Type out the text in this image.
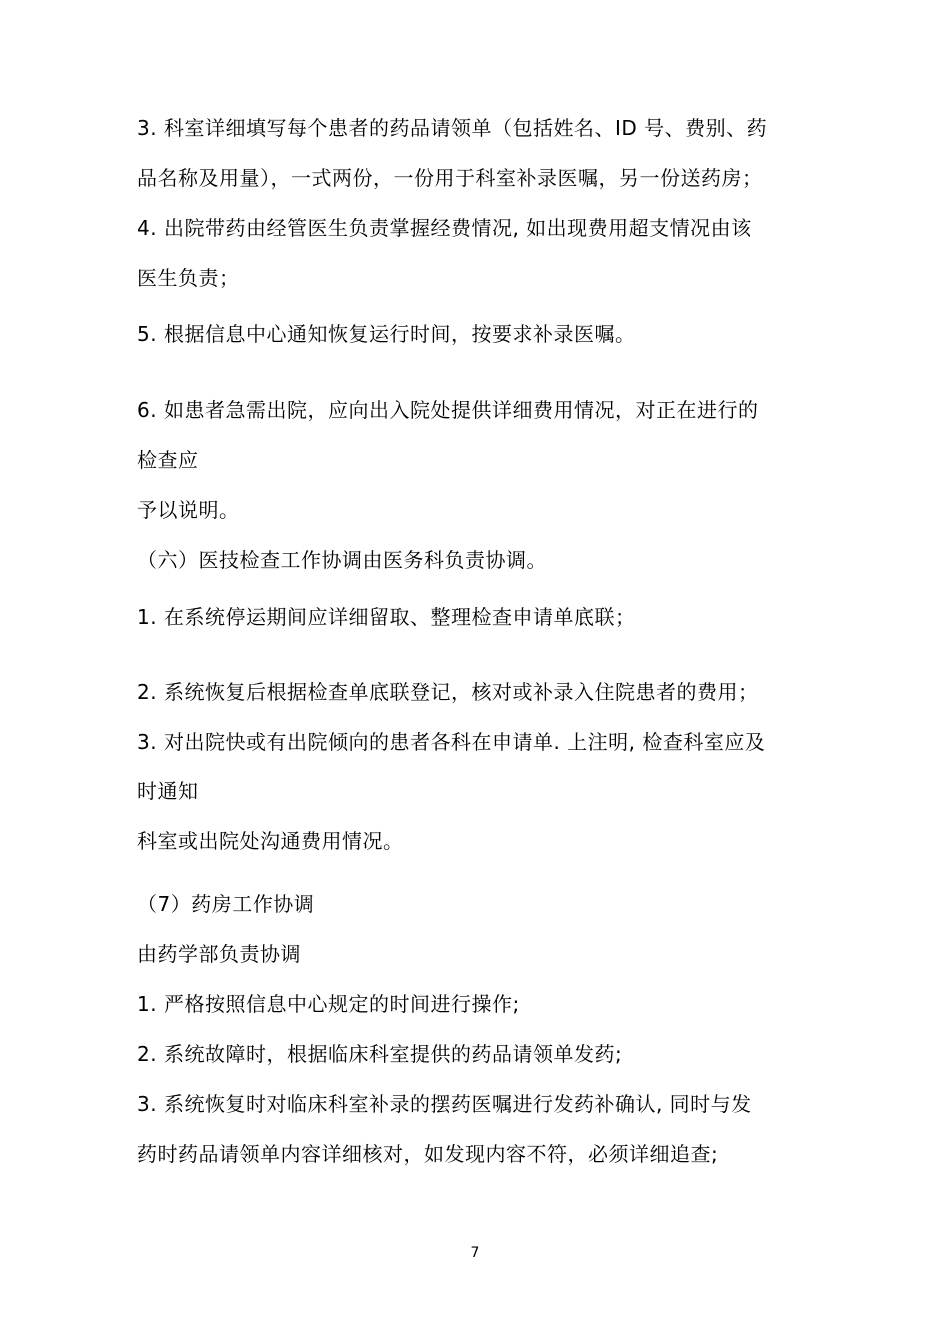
3. 科室详细填写每个患者的药品请领单（包括姓名、ID 号、费别、药
品名称及用量），一式两份，一份用于科室补录医嘱，另一份送药房；
4. 出院带药由经管医生负责掌握经费情况, 如出现费用超支情况由该
医生负责；
5. 根据信息中心通知恢复运行时间，按要求补录医嘱。
6. 如患者急需出院，应向出入院处提供详细费用情况，对正在进行的
检查应
予以说明。
（六）医技检查工作协调由医务科负责协调。
1. 在系统停运期间应详细留取、整理检查申请单底联；
2. 系统恢复后根据检查单底联登记，核对或补录入住院患者的费用；
3. 对出院快或有出院倾向的患者各科在申请单. 上注明, 检查科室应及
时通知
科室或出院处沟通费用情况。
（7）药房工作协调
由药学部负责协调
1. 严格按照信息中心规定的时间进行操作;
2. 系统故障时，根据临床科室提供的药品请领单发药;
3. 系统恢复时对临床科室补录的摆药医嘱进行发药补确认, 同时与发
药时药品请领单内容详细核对，如发现内容不符，必须详细追查;
7
